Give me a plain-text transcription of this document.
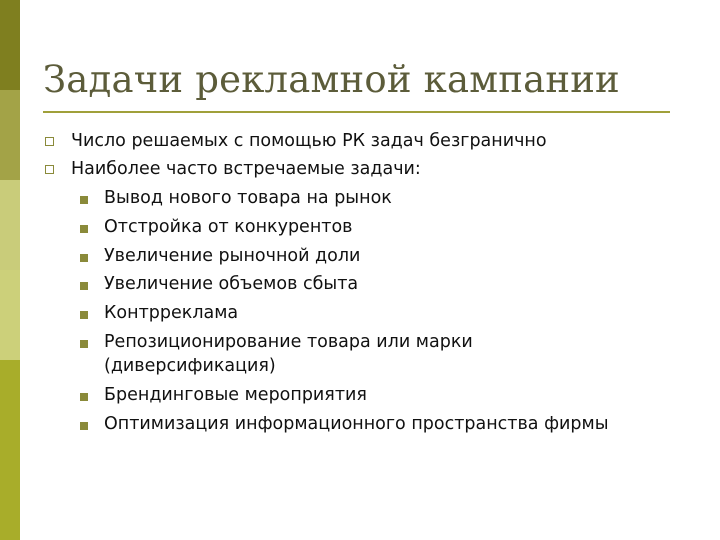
Задачи рекламной кампании
Число решаемых с помощью РК задач безгранично
Наиболее часто встречаемые задачи:
Вывод нового товара на рынок
Отстройка от конкурентов
Увеличение рыночной доли
Увеличение объемов сбыта
Контрреклама
Репозиционирование товара или марки
(диверсификация)
Брендинговые мероприятия
Оптимизация информационного пространства фирмы
